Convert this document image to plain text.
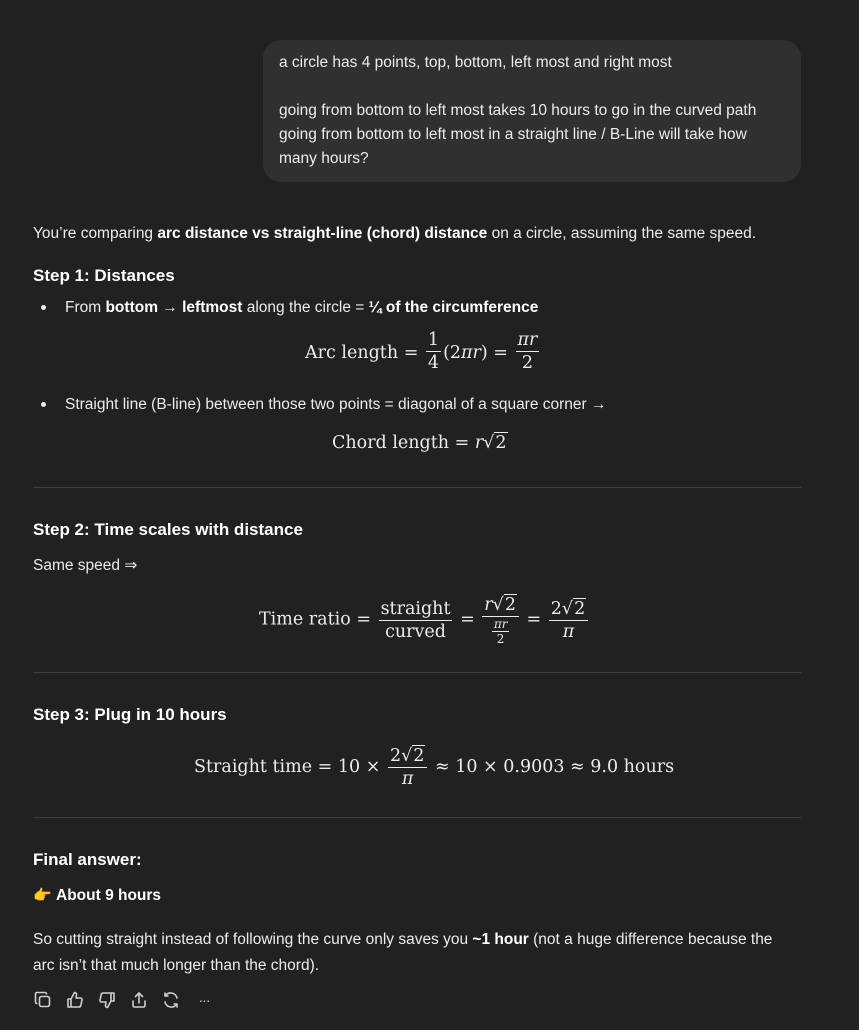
a circle has 4 points, top, bottom, left most and right most

going from bottom to left most takes 10 hours to go in the curved path

going from bottom to left most in a straight line / B-Line will take how

many hours?

You’re comparing arc distance vs straight-line (chord) distance on a circle, assuming the same speed.
Step 1: Distances
From bottom → leftmost along the circle = ¼ of the circumference
Arc length = $\frac{1}{4} (2\pi r) = \frac{\pi r}{2}$
Straight line (B-line) between those two points = diagonal of a square corner →
Chord length = r√2
Step 2: Time scales with distance
Same speed ⇒
Time ratio = $\frac{\text{straight}}{\text{curved}} = \frac{r√2}{\frac{\pi r}{2}} = \frac{2√2}{\pi}$
Step 3: Plug in 10 hours
Straight time = $10 \times \frac{2√2}{\pi} \approx 10 \times 0.9003 \approx 9.0$ hours
Final answer:
👉 About 9 hours
So cutting straight instead of following the curve only saves you ~1 hour (not a huge difference because the
arc isn’t that much longer than the chord).
···
